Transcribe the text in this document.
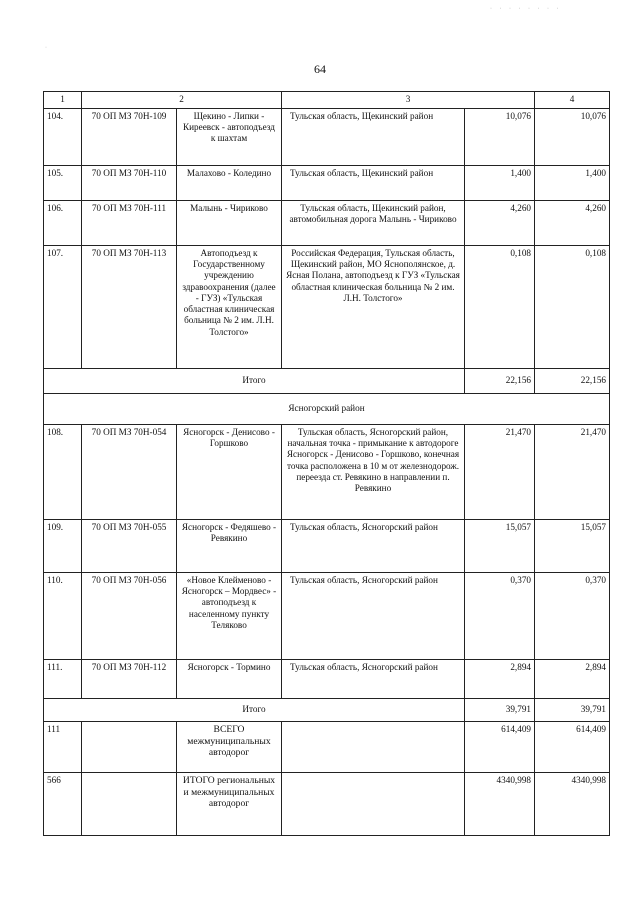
· · · · · · · ·
·
64
1	2		3		4
104.	70 ОП МЗ 70Н-109	Щекино - Липки - Киреевск - автоподъезд к шахтам	Тульская область, Щекинский район	10,076	10,076
105.	70 ОП МЗ 70Н-110	Малахово - Коледино	Тульская область, Щекинский район	1,400	1,400
106.	70 ОП МЗ 70Н-111	Малынь - Чириково	Тульская область, Щекинский район, автомобильная дорога Малынь - Чириково	4,260	4,260
107.	70 ОП МЗ 70Н-113	Автоподъезд к Государственному учреждению здравоохранения (далее - ГУЗ) «Тульская областная клиническая больница № 2 им. Л.Н. Толстого»	Российская Федерация, Тульская область, Щекинский район, МО Яснополянское, д. Ясная Полана, автоподъезд к ГУЗ «Тульская областная клиническая больница № 2 им. Л.Н. Толстого»	0,108	0,108
Итого				22,156	22,156
Ясногорский район					
108.	70 ОП МЗ 70Н-054	Ясногорск - Денисово - Горшково	Тульская область, Ясногорский район, начальная точка - примыкание к автодороге Ясногорск - Денисово - Горшково, конечная точка расположена в 10 м от железнодорож. переезда ст. Ревякино в направлении п. Ревякино	21,470	21,470
109.	70 ОП МЗ 70Н-055	Ясногорск - Федяшево - Ревякино	Тульская область, Ясногорский район	15,057	15,057
110.	70 ОП МЗ 70Н-056	«Новое Клейменово - Ясногорск – Мордвес» - автоподъезд к населенному пункту Теляково	Тульская область, Ясногорский район	0,370	0,370
111.	70 ОП МЗ 70Н-112	Ясногорск - Тормино	Тульская область, Ясногорский район	2,894	2,894
Итого				39,791	39,791
111		ВСЕГО межмуниципальных автодорог		614,409	614,409
566		ИТОГО региональных и межмуниципальных автодорог		4340,998	4340,998
